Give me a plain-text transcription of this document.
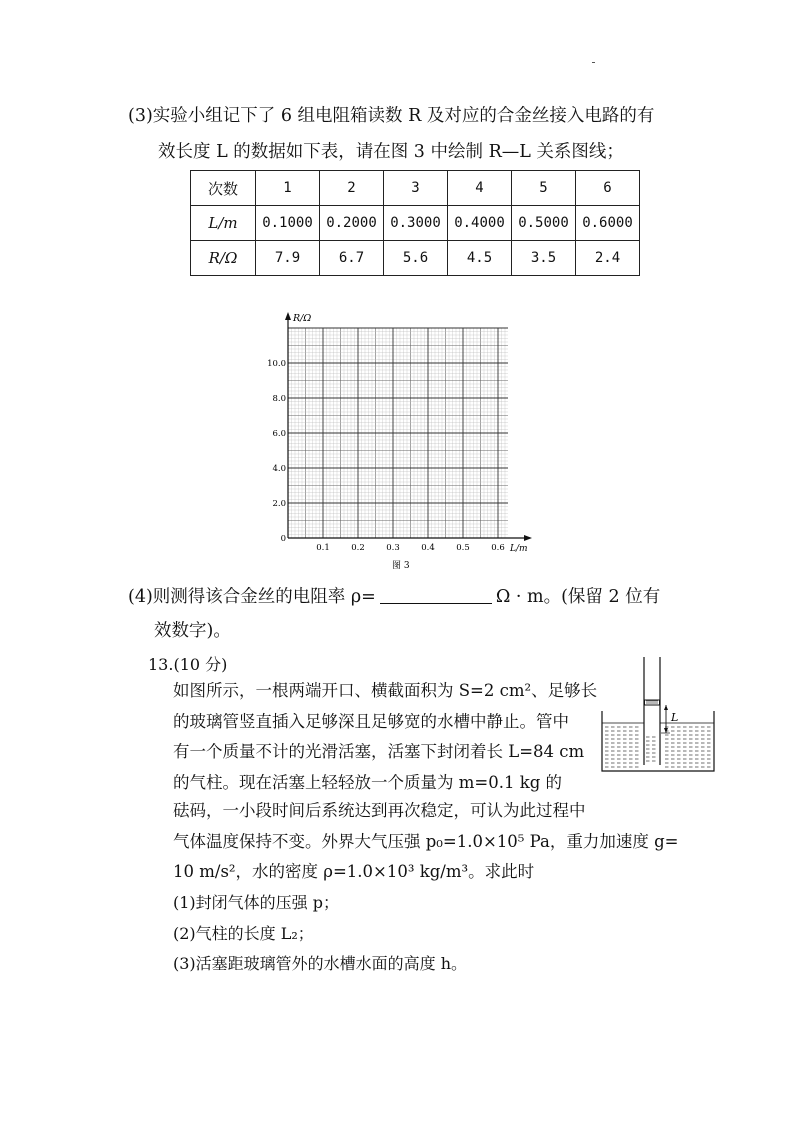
(3)实验小组记下了 6 组电阻箱读数 R 及对应的合金丝接入电路的有
效长度 L 的数据如下表，请在图 3 中绘制 R—L 关系图线；
次数	1	2	3	4	5	6
L/m	0.1000	0.2000	0.3000	0.4000	0.5000	0.6000
R/Ω	7.9	6.7	5.6	4.5	3.5	2.4
R/Ω
L/m
0
2.0
4.0
6.0
8.0
10.0
0.1	0.2	0.3	0.4	0.5	0.6
图 3
(4)则测得该合金丝的电阻率 ρ=	Ω · m。(保留 2 位有
效数字)。
13.(10 分)
如图所示，一根两端开口、横截面积为 S=2 cm²、足够长
的玻璃管竖直插入足够深且足够宽的水槽中静止。管中
有一个质量不计的光滑活塞，活塞下封闭着长 L=84 cm
的气柱。现在活塞上轻轻放一个质量为 m=0.1 kg 的
砝码，一小段时间后系统达到再次稳定，可认为此过程中
气体温度保持不变。外界大气压强 p₀=1.0×10⁵ Pa，重力加速度 g=
10 m/s²，水的密度 ρ=1.0×10³ kg/m³。求此时
(1)封闭气体的压强 p；
(2)气柱的长度 L₂；
(3)活塞距玻璃管外的水槽水面的高度 h。
L
